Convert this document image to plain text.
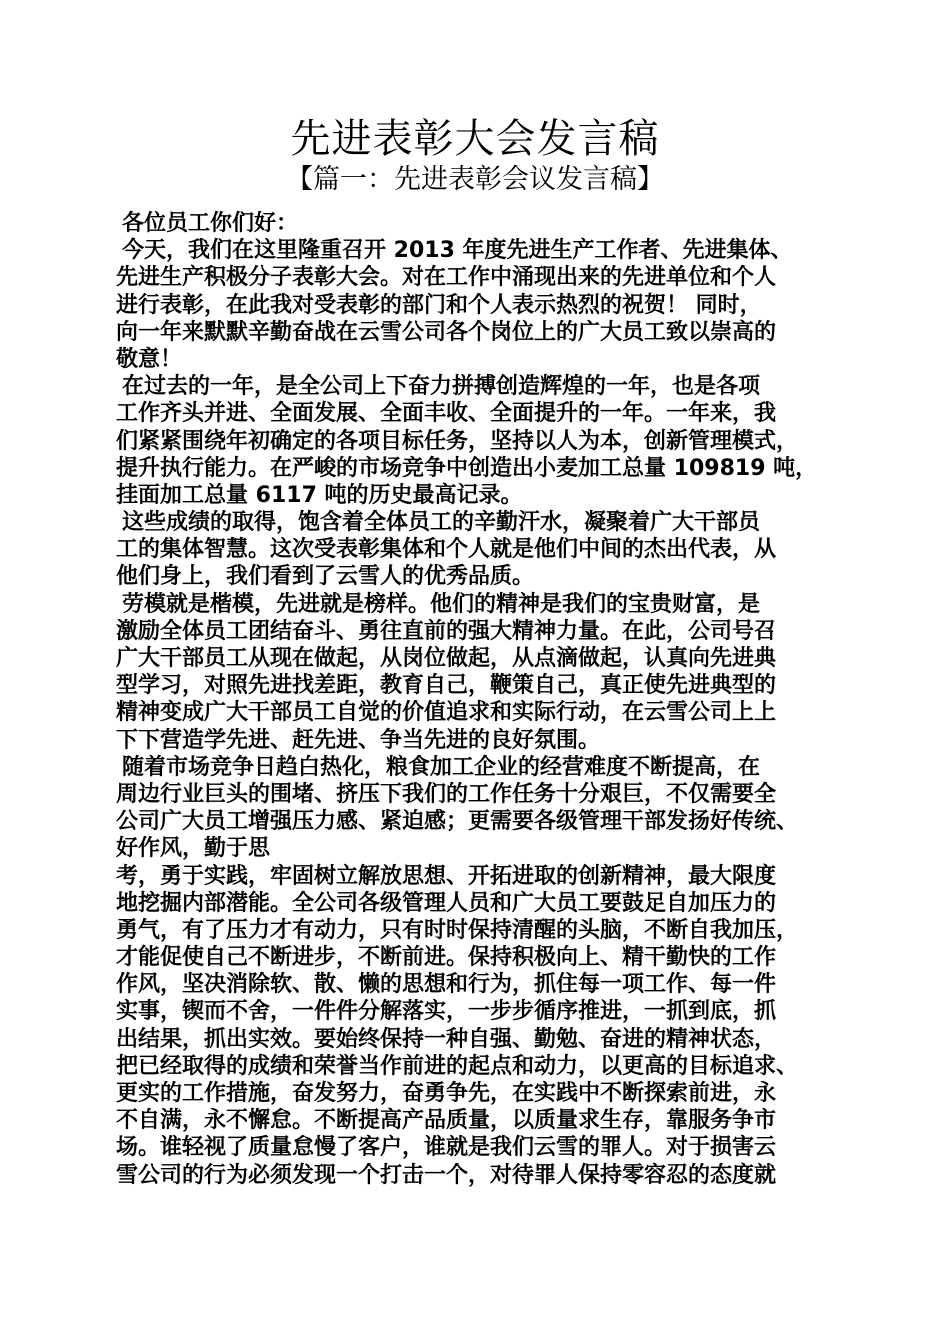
先进表彰大会发言稿
【篇一：先进表彰会议发言稿】
各位员工你们好：
今天，我们在这里隆重召开 2013 年度先进生产工作者、先进集体、
先进生产积极分子表彰大会。对在工作中涌现出来的先进单位和个人
进行表彰，在此我对受表彰的部门和个人表示热烈的祝贺！ 同时，
向一年来默默辛勤奋战在云雪公司各个岗位上的广大员工致以崇高的
敬意！
在过去的一年，是全公司上下奋力拼搏创造辉煌的一年，也是各项
工作齐头并进、全面发展、全面丰收、全面提升的一年。一年来，我
们紧紧围绕年初确定的各项目标任务，坚持以人为本，创新管理模式，
提升执行能力。在严峻的市场竞争中创造出小麦加工总量 109819 吨，
挂面加工总量 6117 吨的历史最高记录。
这些成绩的取得，饱含着全体员工的辛勤汗水，凝聚着广大干部员
工的集体智慧。这次受表彰集体和个人就是他们中间的杰出代表，从
他们身上，我们看到了云雪人的优秀品质。
劳模就是楷模，先进就是榜样。他们的精神是我们的宝贵财富，是
激励全体员工团结奋斗、勇往直前的强大精神力量。在此，公司号召
广大干部员工从现在做起，从岗位做起，从点滴做起，认真向先进典
型学习，对照先进找差距，教育自己，鞭策自己，真正使先进典型的
精神变成广大干部员工自觉的价值追求和实际行动，在云雪公司上上
下下营造学先进、赶先进、争当先进的良好氛围。
随着市场竞争日趋白热化，粮食加工企业的经营难度不断提高，在
周边行业巨头的围堵、挤压下我们的工作任务十分艰巨，不仅需要全
公司广大员工增强压力感、紧迫感；更需要各级管理干部发扬好传统、
好作风，勤于思
考，勇于实践，牢固树立解放思想、开拓进取的创新精神，最大限度
地挖掘内部潜能。全公司各级管理人员和广大员工要鼓足自加压力的
勇气，有了压力才有动力，只有时时保持清醒的头脑，不断自我加压，
才能促使自己不断进步，不断前进。保持积极向上、精干勤快的工作
作风，坚决消除软、散、懒的思想和行为，抓住每一项工作、每一件
实事，锲而不舍，一件件分解落实，一步步循序推进，一抓到底，抓
出结果，抓出实效。要始终保持一种自强、勤勉、奋进的精神状态，
把已经取得的成绩和荣誉当作前进的起点和动力，以更高的目标追求、
更实的工作措施，奋发努力，奋勇争先，在实践中不断探索前进，永
不自满，永不懈怠。不断提高产品质量，以质量求生存，靠服务争市
场。谁轻视了质量怠慢了客户，谁就是我们云雪的罪人。对于损害云
雪公司的行为必须发现一个打击一个，对待罪人保持零容忍的态度就
